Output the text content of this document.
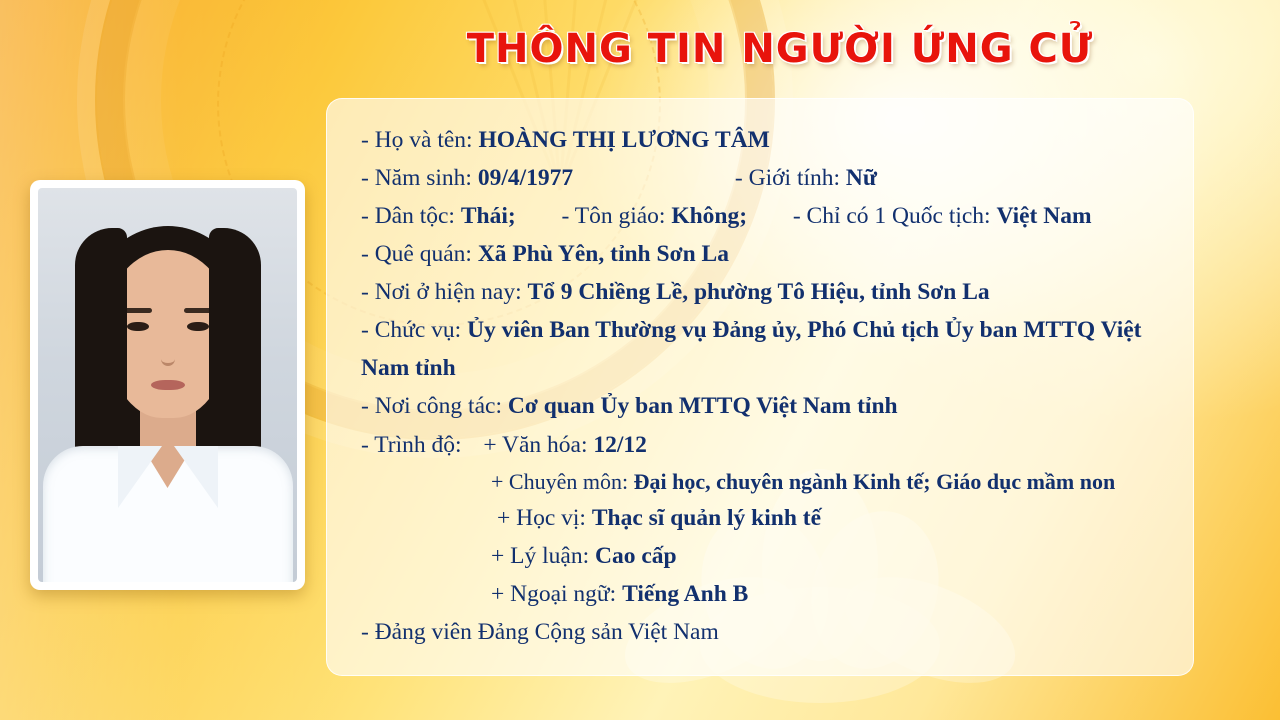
THÔNG TIN NGƯỜI ỨNG CỬ
- Họ và tên: HOÀNG THỊ LƯƠNG TÂM
- Năm sinh: 09/4/1977	- Giới tính: Nữ
- Dân tộc: Thái; - Tôn giáo: Không; - Chỉ có 1 Quốc tịch: Việt Nam
- Quê quán: Xã Phù Yên, tỉnh Sơn La
- Nơi ở hiện nay: Tổ 9 Chiềng Lề, phường Tô Hiệu, tỉnh Sơn La
- Chức vụ: Ủy viên Ban Thường vụ Đảng ủy, Phó Chủ tịch Ủy ban MTTQ Việt Nam tỉnh
- Nơi công tác: Cơ quan Ủy ban MTTQ Việt Nam tỉnh
- Trình độ: + Văn hóa: 12/12
+ Chuyên môn: Đại học, chuyên ngành Kinh tế; Giáo dục mầm non
+ Học vị: Thạc sĩ quản lý kinh tế
+ Lý luận: Cao cấp
+ Ngoại ngữ: Tiếng Anh B
- Đảng viên Đảng Cộng sản Việt Nam
